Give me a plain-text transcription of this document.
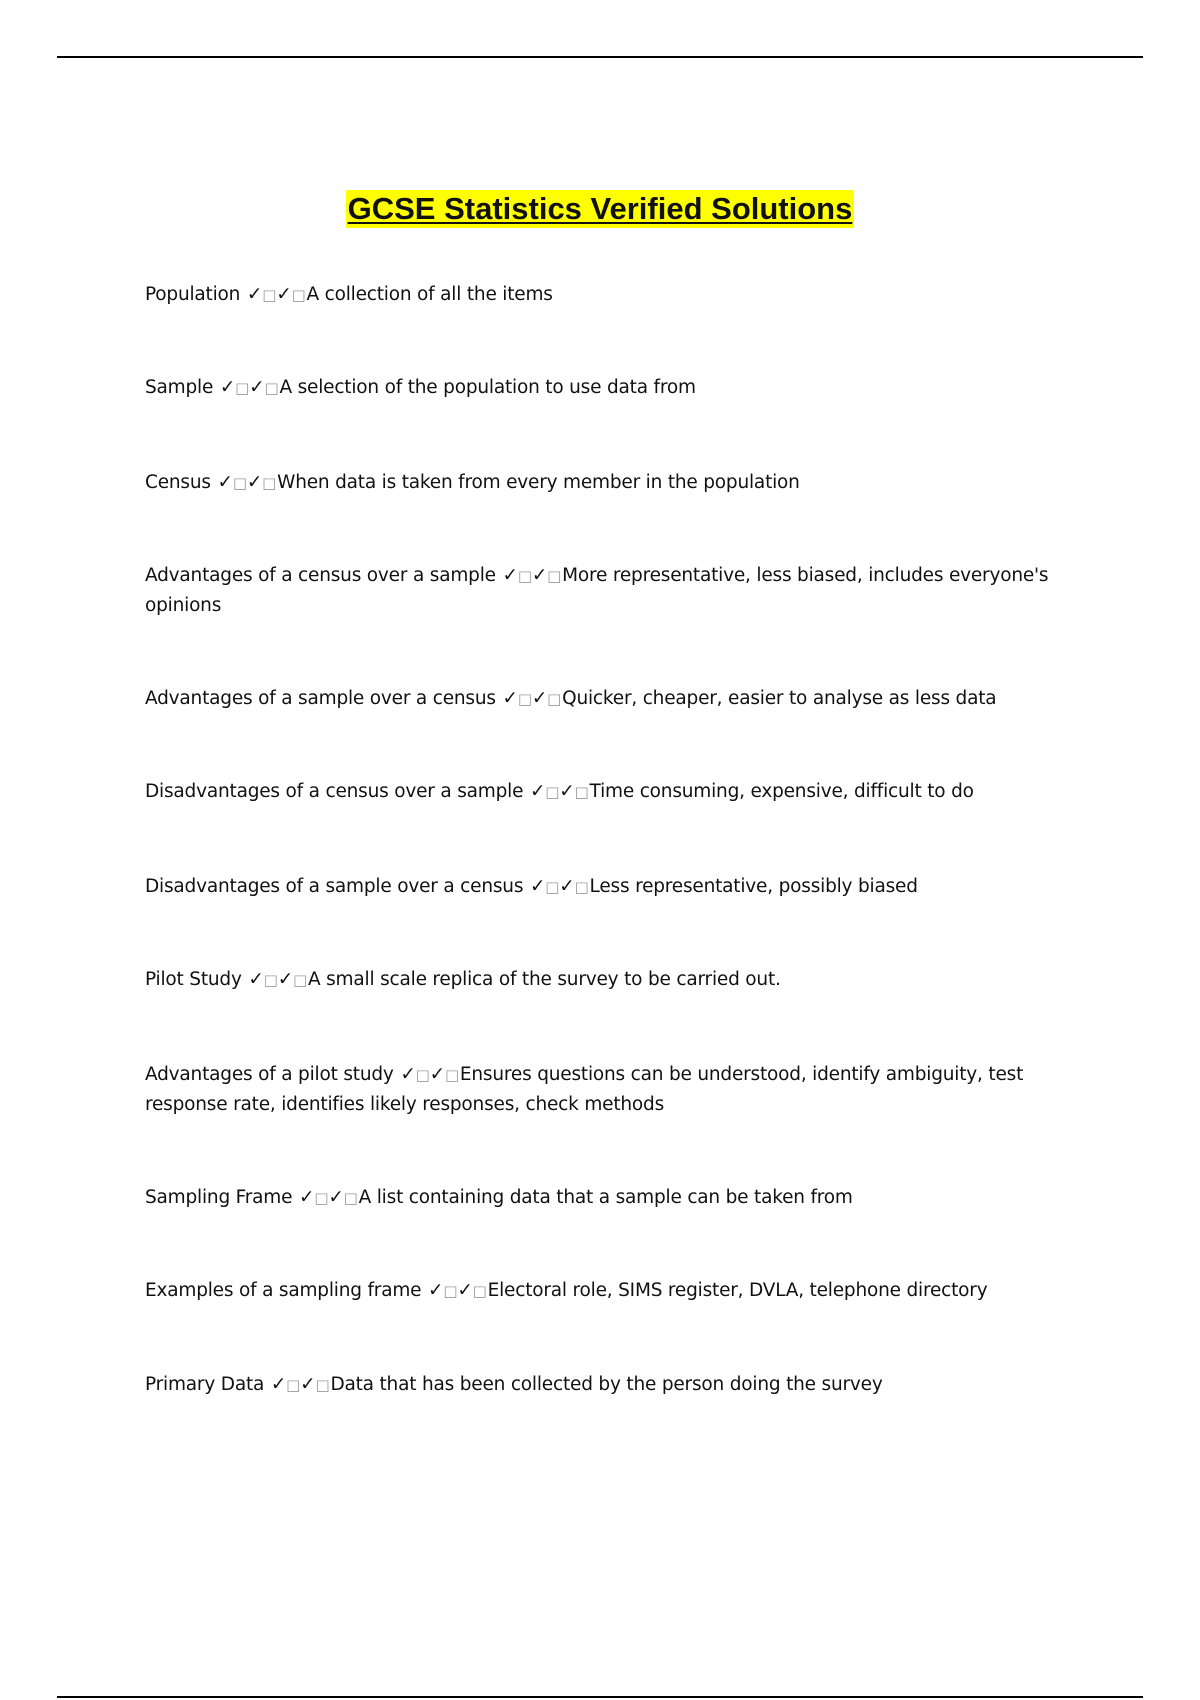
GCSE Statistics Verified Solutions
Population ✓□✓□A collection of all the items
Sample ✓□✓□A selection of the population to use data from
Census ✓□✓□When data is taken from every member in the population
Advantages of a census over a sample ✓□✓□More representative, less biased, includes everyone's opinions
Advantages of a sample over a census ✓□✓□Quicker, cheaper, easier to analyse as less data
Disadvantages of a census over a sample ✓□✓□Time consuming, expensive, difficult to do
Disadvantages of a sample over a census ✓□✓□Less representative, possibly biased
Pilot Study ✓□✓□A small scale replica of the survey to be carried out.
Advantages of a pilot study ✓□✓□Ensures questions can be understood, identify ambiguity, test response rate, identifies likely responses, check methods
Sampling Frame ✓□✓□A list containing data that a sample can be taken from
Examples of a sampling frame ✓□✓□Electoral role, SIMS register, DVLA, telephone directory
Primary Data ✓□✓□Data that has been collected by the person doing the survey
